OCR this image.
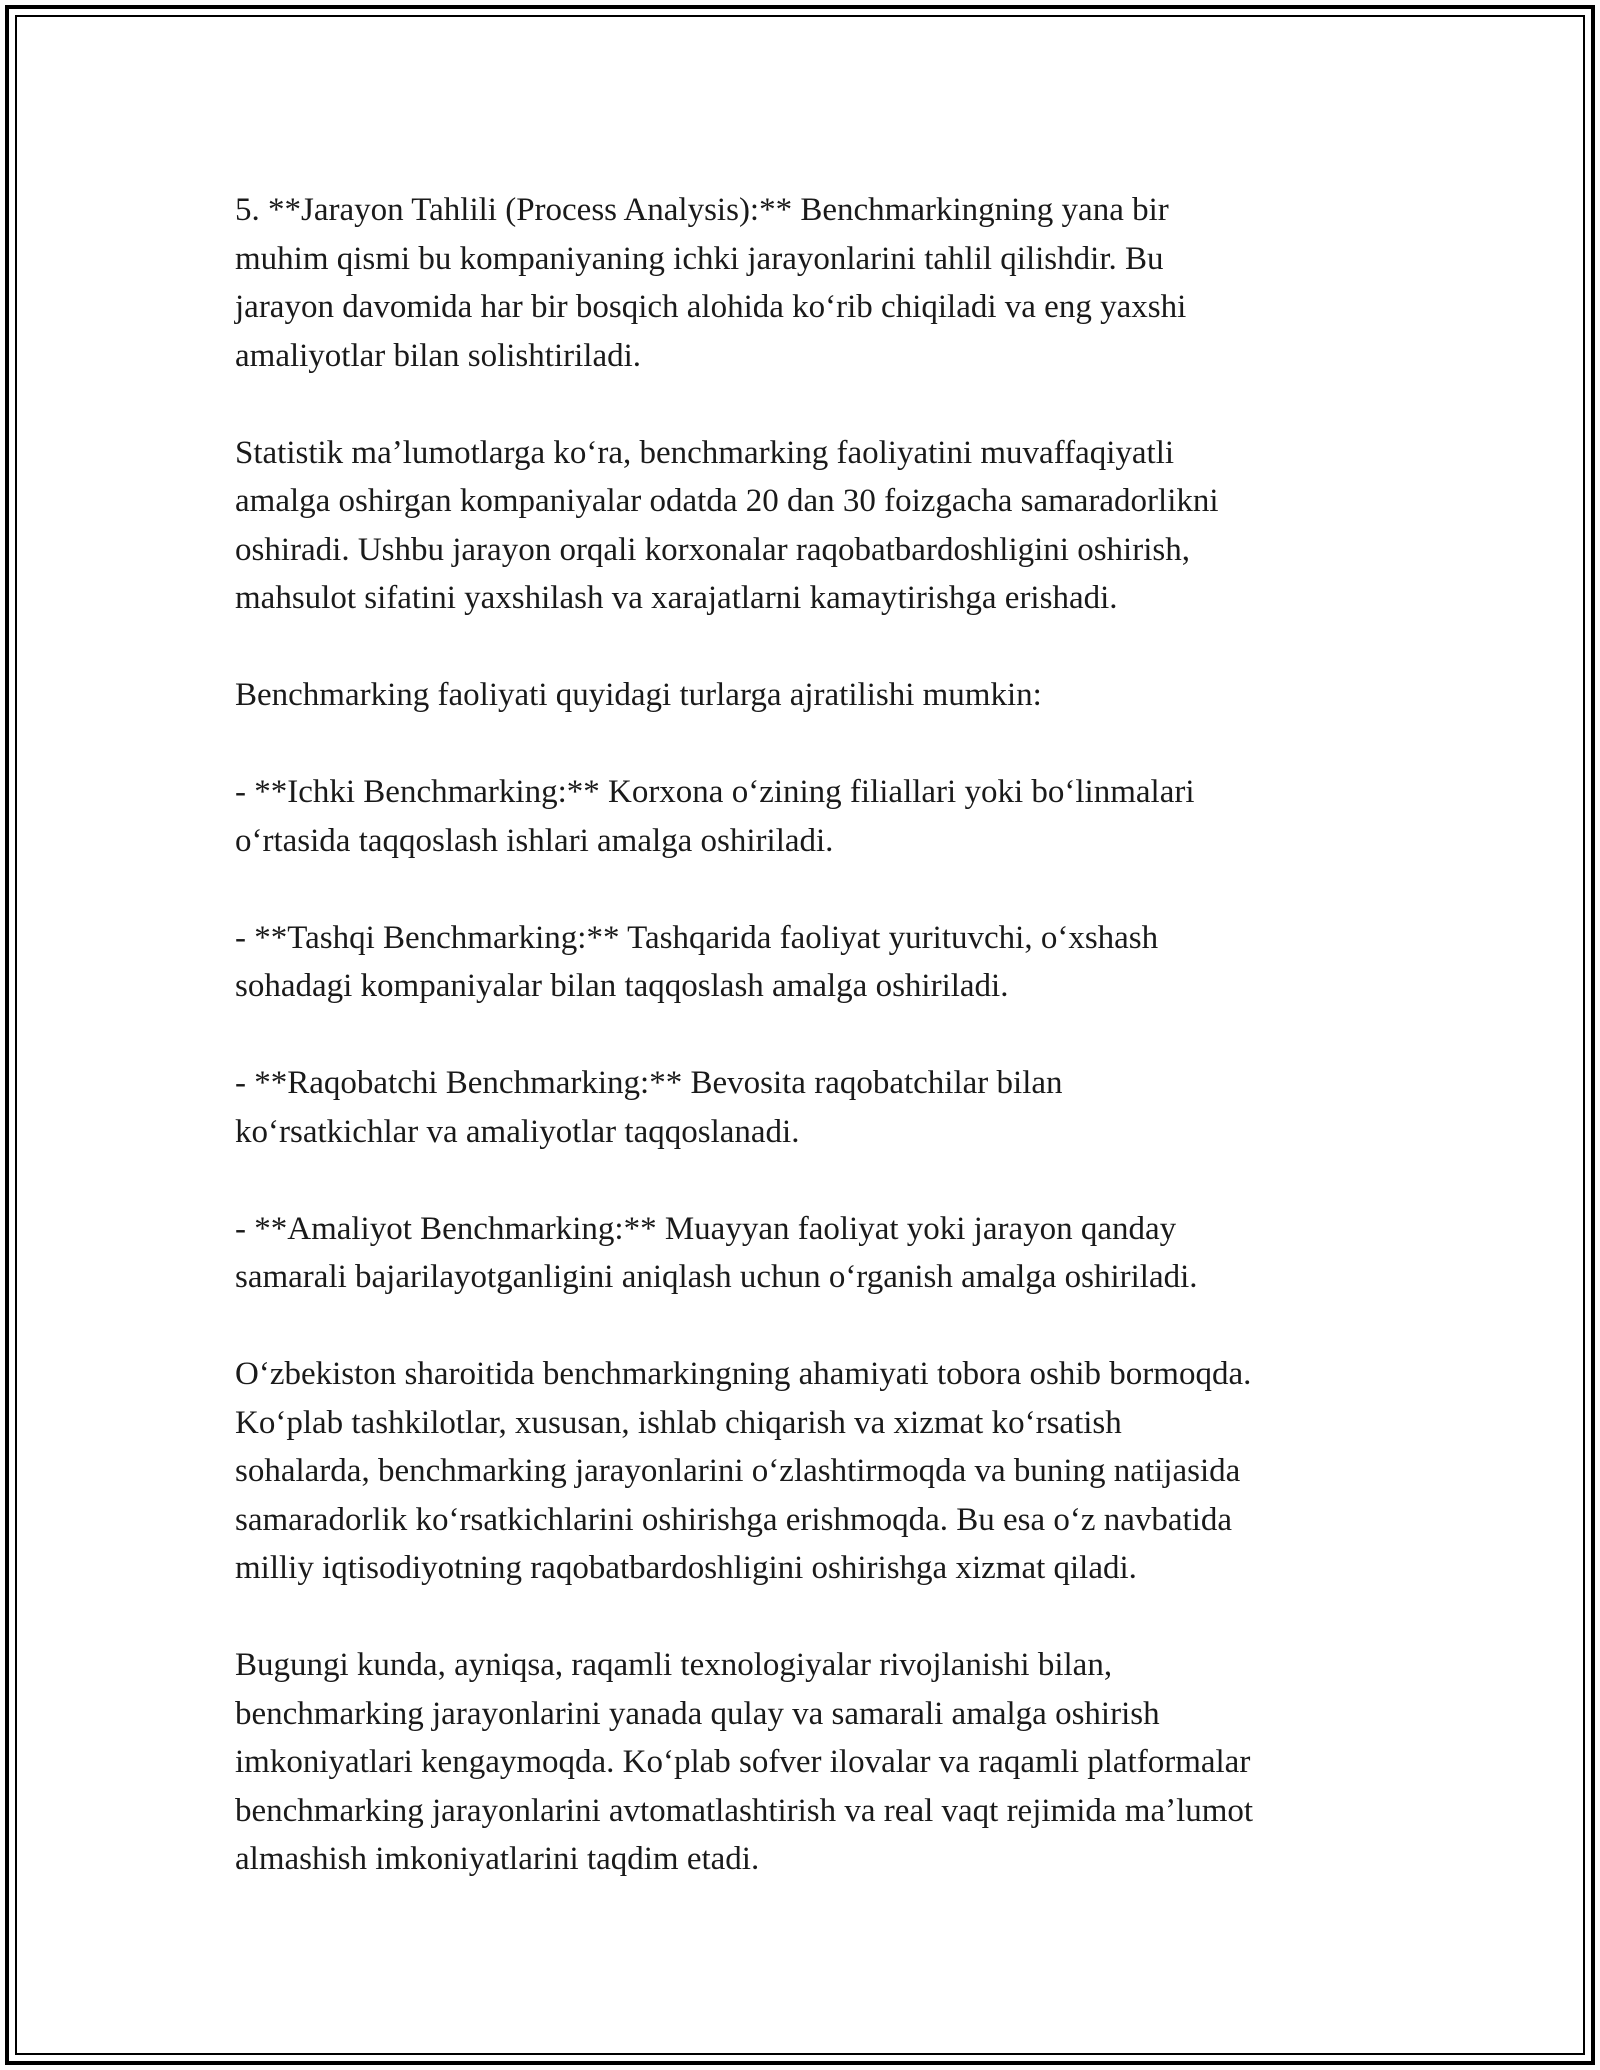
5. **Jarayon Tahlili (Process Analysis):** Benchmarkingning yana bir
muhim qismi bu kompaniyaning ichki jarayonlarini tahlil qilishdir. Bu
jarayon davomida har bir bosqich alohida koʻrib chiqiladi va eng yaxshi
amaliyotlar bilan solishtiriladi.
Statistik maʼlumotlarga koʻra, benchmarking faoliyatini muvaffaqiyatli
amalga oshirgan kompaniyalar odatda 20 dan 30 foizgacha samaradorlikni
oshiradi. Ushbu jarayon orqali korxonalar raqobatbardoshligini oshirish,
mahsulot sifatini yaxshilash va xarajatlarni kamaytirishga erishadi.
Benchmarking faoliyati quyidagi turlarga ajratilishi mumkin:
- **Ichki Benchmarking:** Korxona oʻzining filiallari yoki boʻlinmalari
oʻrtasida taqqoslash ishlari amalga oshiriladi.
- **Tashqi Benchmarking:** Tashqarida faoliyat yurituvchi, oʻxshash
sohadagi kompaniyalar bilan taqqoslash amalga oshiriladi.
- **Raqobatchi Benchmarking:** Bevosita raqobatchilar bilan
koʻrsatkichlar va amaliyotlar taqqoslanadi.
- **Amaliyot Benchmarking:** Muayyan faoliyat yoki jarayon qanday
samarali bajarilayotganligini aniqlash uchun oʻrganish amalga oshiriladi.
Oʻzbekiston sharoitida benchmarkingning ahamiyati tobora oshib bormoqda.
Koʻplab tashkilotlar, xususan, ishlab chiqarish va xizmat koʻrsatish
sohalarda, benchmarking jarayonlarini oʻzlashtirmoqda va buning natijasida
samaradorlik koʻrsatkichlarini oshirishga erishmoqda. Bu esa oʻz navbatida
milliy iqtisodiyotning raqobatbardoshligini oshirishga xizmat qiladi.
Bugungi kunda, ayniqsa, raqamli texnologiyalar rivojlanishi bilan,
benchmarking jarayonlarini yanada qulay va samarali amalga oshirish
imkoniyatlari kengaymoqda. Koʻplab sofver ilovalar va raqamli platformalar
benchmarking jarayonlarini avtomatlashtirish va real vaqt rejimida maʼlumot
almashish imkoniyatlarini taqdim etadi.
